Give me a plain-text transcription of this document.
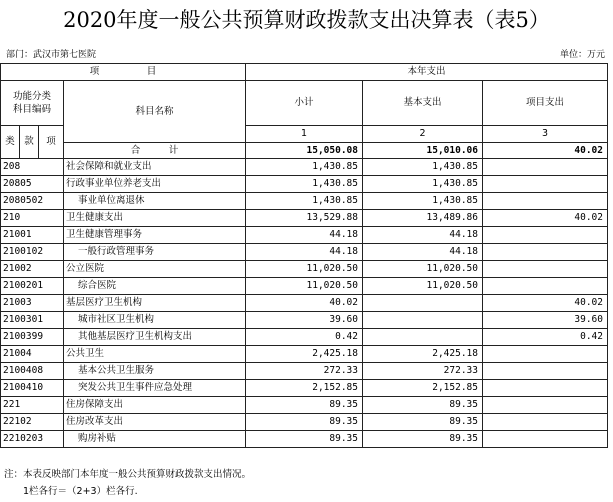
2020年度一般公共预算财政拨款支出决算表（表5）
部门：武汉市第七医院	单位：万元
项　　　　　目				本年支出		
功能分类
科目编码			科目名称	小计	基本支出	项目支出
类	款	项		1	2	3
			合　　　计	15,050.08	15,010.06	40.02
208			社会保障和就业支出	1,430.85	1,430.85	
20805			行政事业单位养老支出	1,430.85	1,430.85	
2080502			事业单位离退休	1,430.85	1,430.85	
210			卫生健康支出	13,529.88	13,489.86	40.02
21001			卫生健康管理事务	44.18	44.18	
2100102			一般行政管理事务	44.18	44.18	
21002			公立医院	11,020.50	11,020.50	
2100201			综合医院	11,020.50	11,020.50	
21003			基层医疗卫生机构	40.02		40.02
2100301			城市社区卫生机构	39.60		39.60
2100399			其他基层医疗卫生机构支出	0.42		0.42
21004			公共卫生	2,425.18	2,425.18	
2100408			基本公共卫生服务	272.33	272.33	
2100410			突发公共卫生事件应急处理	2,152.85	2,152.85	
221			住房保障支出	89.35	89.35	
22102			住房改革支出	89.35	89.35	
2210203			购房补贴	89.35	89.35	
注：本表反映部门本年度一般公共预算财政拨款支出情况。
　　1栏各行＝（2+3）栏各行.
